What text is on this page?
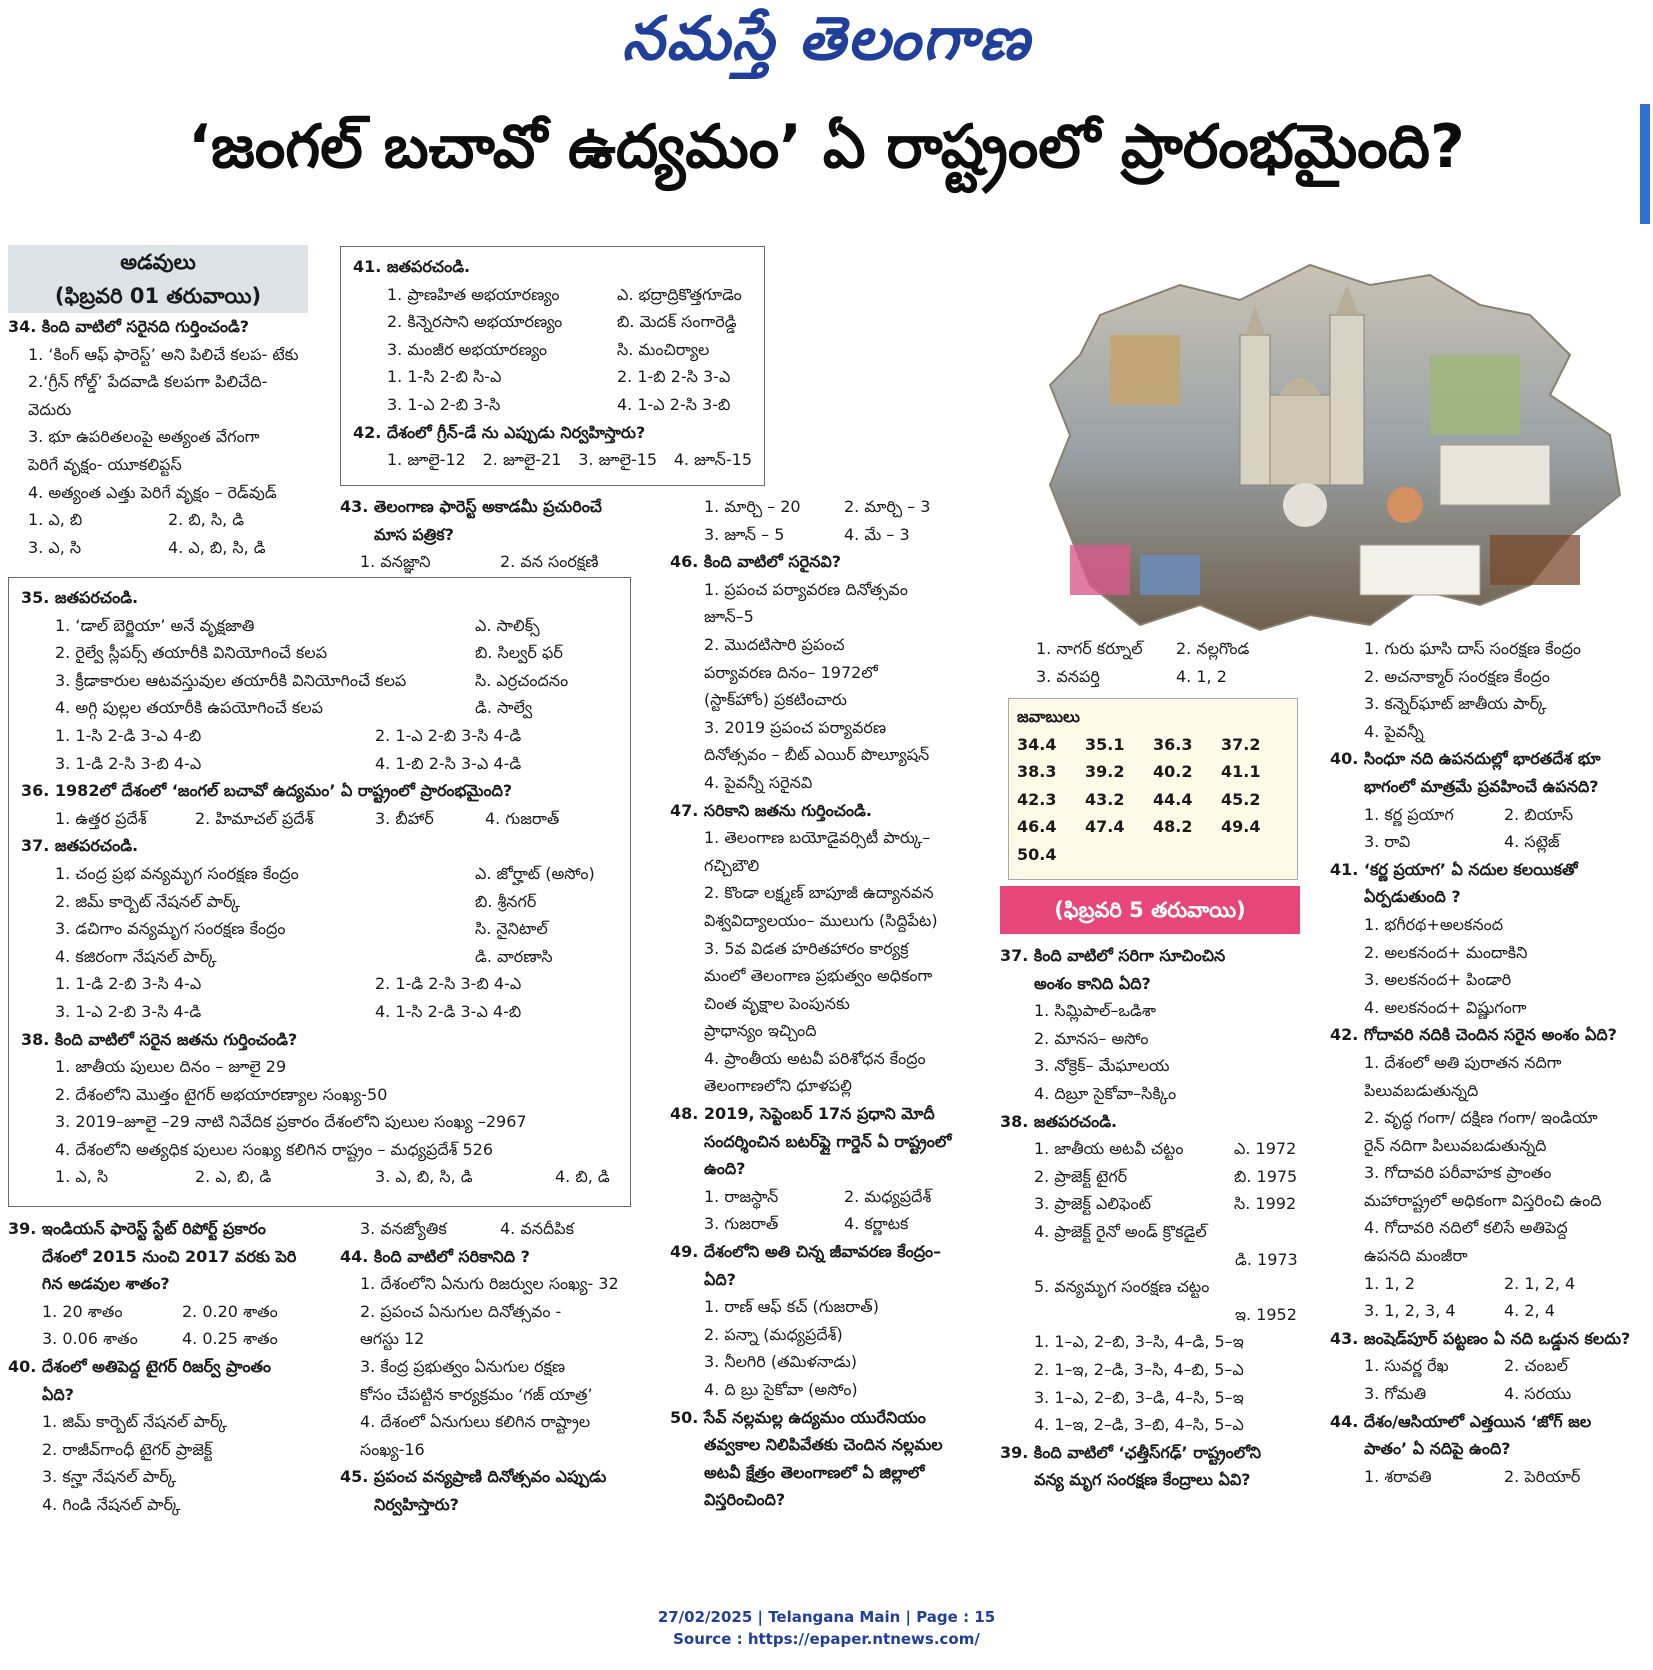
నమస్తే తెలంగాణ
‘జంగల్ బచావో ఉద్యమం’ ఏ రాష్ట్రంలో ప్రారంభమైంది?
అడవులు
(ఫిబ్రవరి 01 తరువాయి)

34. కింది వాటిలో సరైనది గుర్తించండి?

1. ‘కింగ్ ఆఫ్ ఫారెస్ట్’ అని పిలిచే కలప- టేకు

2.‘గ్రీన్ గోల్డ్’ పేదవాడి కలపగా పిలిచేది-

వెదురు

3. భూ ఉపరితలంపై అత్యంత వేగంగా

పెరిగే వృక్షం- యూకలిప్టస్

4. అత్యంత ఎత్తు పెరిగే వృక్షం – రెడ్‌వుడ్

1. ఎ, బి	2. బి, సి, డి

3. ఎ, సి	4. ఎ, బి, సి, డి

41. జతపరచండి.

1. ప్రాణహిత అభయారణ్యం	ఎ. భద్రాద్రికొత్తగూడెం

2. కిన్నెరసాని అభయారణ్యం	బి. మెదక్ సంగారెడ్డి

3. మంజీర అభయారణ్యం	సి. మంచిర్యాల

1. 1-సి 2-బి సి-ఎ	2. 1-బి 2-సి 3-ఎ

3. 1-ఎ 2-బి 3-సి	4. 1-ఎ 2-సి 3-బి

42. దేశంలో గ్రీన్-డే ను ఎప్పుడు నిర్వహిస్తారు?

1. జూలై-12	2. జూలై-21	3. జూలై-15	4. జూన్-15

43. తెలంగాణ ఫారెస్ట్ అకాడమీ ప్రచురించే

మాస పత్రిక?

1. వనజ్ఞాని	2. వన సంరక్షణి

35. జతపరచండి.

1. ‘డాల్ బెర్జియా’ అనే వృక్షజాతి	ఎ. సాలిక్స్

2. రైల్వే స్లీపర్స్ తయారీకి వినియోగించే కలప	బి. సిల్వర్ ఫర్

3. క్రీడాకారుల ఆటవస్తువుల తయారీకి వినియోగించే కలప	సి. ఎర్రచందనం

4. అగ్గి పుల్లల తయారీకి ఉపయోగించే కలప	డి. సాల్వే

1. 1-సి 2-డి 3-ఎ 4-బి	2. 1-ఎ 2-బి 3-సి 4-డి

3. 1-డి 2-సి 3-బి 4-ఎ	4. 1-బి 2-సి 3-ఎ 4-డి

36. 1982లో దేశంలో ‘జంగల్ బచావో ఉద్యమం’ ఏ రాష్ట్రంలో ప్రారంభమైంది?

1. ఉత్తర ప్రదేశ్	2. హిమాచల్ ప్రదేశ్	3. బీహార్	4. గుజరాత్

37. జతపరచండి.

1. చంద్ర ప్రభ వన్యమృగ సంరక్షణ కేంద్రం	ఎ. జోర్హాట్ (అసోం)

2. జిమ్ కార్బెట్ నేషనల్ పార్క్	బి. శ్రీనగర్

3. డచిగాం వన్యమృగ సంరక్షణ కేంద్రం	సి. నైనిటాల్

4. కజిరంగా నేషనల్ పార్క్	డి. వారణాసి

1. 1-డి 2-బి 3-సి 4-ఎ	2. 1-డి 2-సి 3-బి 4-ఎ

3. 1-ఎ 2-బి 3-సి 4-డి	4. 1-సి 2-డి 3-ఎ 4-బి

38. కింది వాటిలో సరైన జతను గుర్తించండి?

1. జాతీయ పులుల దినం – జూలై 29

2. దేశంలోని మొత్తం టైగర్ అభయారణ్యాల సంఖ్య-50

3. 2019–జూలై –29 నాటి నివేదిక ప్రకారం దేశంలోని పులుల సంఖ్య –2967

4. దేశంలోని అత్యధిక పులుల సంఖ్య కలిగిన రాష్ట్రం – మధ్యప్రదేశ్ 526

1. ఎ, సి	2. ఎ, బి, డి	3. ఎ, బి, సి, డి	4. బి, డి

39. ఇండియన్ ఫారెస్ట్ స్టేట్ రిపోర్ట్ ప్రకారం

దేశంలో 2015 నుంచి 2017 వరకు పెరి

గిన అడవుల శాతం?

1. 20 శాతం	2. 0.20 శాతం

3. 0.06 శాతం	4. 0.25 శాతం

40. దేశంలో అతిపెద్ద టైగర్ రిజర్వ్ ప్రాంతం

ఏది?

1. జిమ్ కార్బెట్ నేషనల్ పార్క్

2. రాజీవ్‌గాంధీ టైగర్ ప్రాజెక్ట్

3. కన్హా నేషనల్ పార్క్

4. గిండి నేషనల్ పార్క్

3. వనజ్యోతిక	4. వనదీపిక

44. కింది వాటిలో సరికానిది ?

1. దేశంలోని ఏనుగు రిజర్వుల సంఖ్య- 32

2. ప్రపంచ ఏనుగుల దినోత్సవం -

ఆగస్టు 12

3. కేంద్ర ప్రభుత్వం ఏనుగుల రక్షణ

కోసం చేపట్టిన కార్యక్రమం ‘గజ్ యాత్ర’

4. దేశంలో ఏనుగులు కలిగిన రాష్ట్రాల

సంఖ్య-16

45. ప్రపంచ వన్యప్రాణి దినోత్సవం ఎప్పుడు

నిర్వహిస్తారు?

1. మార్చి – 20	2. మార్చి – 3

3. జూన్ – 5	4. మే – 3

46. కింది వాటిలో సరైనవి?

1. ప్రపంచ పర్యావరణ దినోత్సవం

జూన్–5

2. మొదటిసారి ప్రపంచ

పర్యావరణ దినం– 1972లో

(స్టాక్‌హోం) ప్రకటించారు

3. 2019 ప్రపంచ పర్యావరణ

దినోత్సవం – బీట్ ఎయిర్ పొల్యూషన్

4. పైవన్నీ సరైనవి

47. సరికాని జతను గుర్తించండి.

1. తెలంగాణ బయోడైవర్సిటీ పార్కు–

గచ్చిబౌలి

2. కొండా లక్ష్మణ్ బాపూజీ ఉద్యానవన

విశ్వవిద్యాలయం– ములుగు (సిద్దిపేట)

3. 5వ విడత హరితహారం కార్యక్ర

మంలో తెలంగాణ ప్రభుత్వం అధికంగా

చింత వృక్షాల పెంపునకు

ప్రాధాన్యం ఇచ్చింది

4. ప్రాంతీయ అటవీ పరిశోధన కేంద్రం

తెలంగాణలోని ధూళపల్లి

48. 2019, సెప్టెంబర్ 17న ప్రధాని మోదీ

సందర్శించిన బటర్‌ఫ్లై గార్డెన్ ఏ రాష్ట్రంలో

ఉంది?

1. రాజస్థాన్	2. మధ్యప్రదేశ్

3. గుజరాత్	4. కర్ణాటక

49. దేశంలోని అతి చిన్న జీవావరణ కేంద్రం–

ఏది?

1. రాణ్ ఆఫ్ కచ్ (గుజరాత్)

2. పన్నా (మధ్యప్రదేశ్)

3. నీలగిరి (తమిళనాడు)

4. ది బ్రు సైకోవా (అసోం)

50. సేవ్ నల్లమల్ల ఉద్యమం యురేనియం

తవ్వకాల నిలిపివేతకు చెందిన నల్లమల

అటవీ క్షేత్రం తెలంగాణలో ఏ జిల్లాలో

విస్తరించింది?

1. నాగర్ కర్నూల్	2. నల్లగొండ

3. వనపర్తి	4. 1, 2

జవాబులు

34.4	35.1	36.3	37.2
38.3	39.2	40.2	41.1
42.3	43.2	44.4	45.2
46.4	47.4	48.2	49.4
50.4
(ఫిబ్రవరి 5 తరువాయి)

37. కింది వాటిలో సరిగా సూచించిన

అంశం కానిది ఏది?

1. సిమ్లిపాల్–ఒడిశా

2. మానస– అసోం

3. నోక్రెక్– మేఘాలయ

4. దిబ్రూ సైకోవా–సిక్కిం

38. జతపరచండి.

1. జాతీయ అటవీ చట్టం	ఎ. 1972

2. ప్రాజెక్ట్ టైగర్	బి. 1975

3. ప్రాజెక్ట్ ఎలిఫెంట్	సి. 1992

4. ప్రాజెక్ట్ రైనో అండ్ క్రొకడైల్

డి. 1973

5. వన్యమృగ సంరక్షణ చట్టం

ఇ. 1952

1. 1–ఎ, 2–బి, 3–సి, 4–డి, 5–ఇ

2. 1–ఇ, 2–డి, 3–సి, 4–బి, 5–ఎ

3. 1–ఎ, 2–బి, 3–డి, 4–సి, 5–ఇ

4. 1–ఇ, 2–డి, 3–బి, 4–సి, 5–ఎ

39. కింది వాటిలో ‘ఛత్తీస్‌గఢ్’ రాష్ట్రంలోని

వన్య మృగ సంరక్షణ కేంద్రాలు ఏవి?

1. గురు ఘాసి దాస్ సంరక్షణ కేంద్రం

2. అచనాక్మార్ సంరక్షణ కేంద్రం

3. కన్నెర్‌ఘాట్ జాతీయ పార్క్

4. పైవన్నీ

40. సింధూ నది ఉపనదుల్లో భారతదేశ భూ

భాగంలో మాత్రమే ప్రవహించే ఉపనది?

1. కర్ణ ప్రయాగ	2. బియాస్

3. రావి	4. సట్లెజ్

41. ‘కర్ణ ప్రయాగ’ ఏ నదుల కలయికతో

ఏర్పడుతుంది ?

1. భగీరథ+అలకనంద

2. అలకనంద+ మందాకిని

3. అలకనంద+ పిండారి

4. అలకనంద+ విష్ణుగంగా

42. గోదావరి నదికి చెందిన సరైన అంశం ఏది?

1. దేశంలో అతి పురాతన నదిగా

పిలువబడుతున్నది

2. వృద్ధ గంగా/ దక్షిణ గంగా/ ఇండియా

రైన్ నదిగా పిలువబడుతున్నది

3. గోదావరి పరీవాహక ప్రాంతం

మహారాష్ట్రలో అధికంగా విస్తరించి ఉంది

4. గోదావరి నదిలో కలిసే అతిపెద్ద

ఉపనది మంజీరా

1. 1, 2	2. 1, 2, 4

3. 1, 2, 3, 4	4. 2, 4

43. జంషెడ్‌పూర్ పట్టణం ఏ నది ఒడ్డున కలదు?

1. సువర్ణ రేఖ	2. చంబల్

3. గోమతి	4. సరయు

44. దేశం/ఆసియాలో ఎత్తయిన ‘జోగ్ జల

పాతం’ ఏ నదిపై ఉంది?

1. శరావతి	2. పెరియార్

27/02/2025 | Telangana Main | Page : 15
Source : https://epaper.ntnews.com/
